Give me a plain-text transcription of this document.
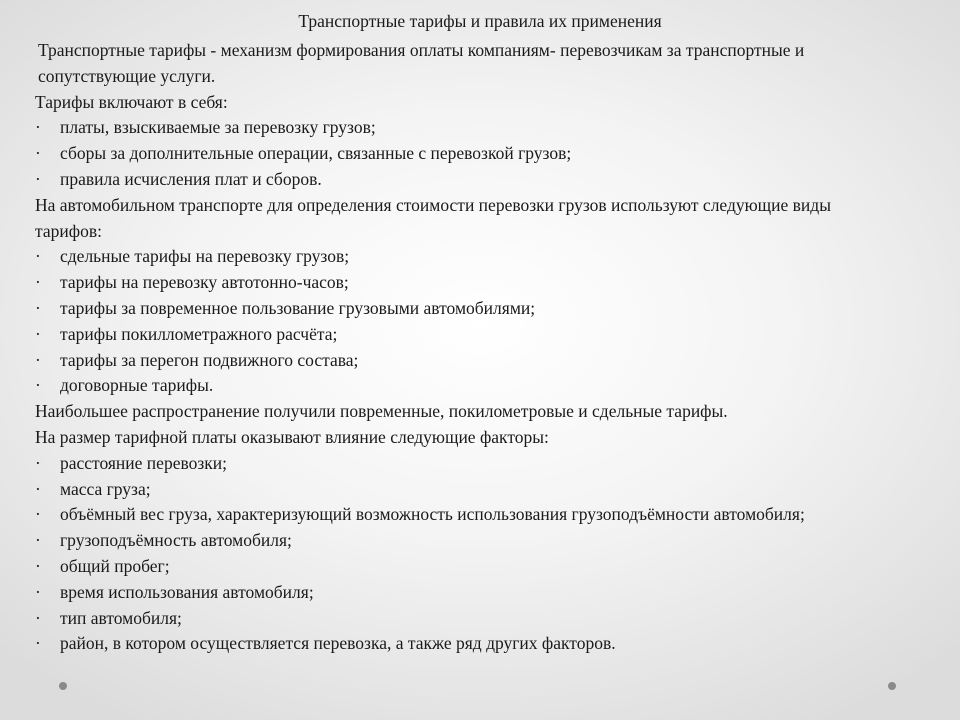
Транспортные тарифы и правила их применения
Транспортные тарифы - механизм формирования оплаты компаниям- перевозчикам за транспортные и сопутствующие услуги.
Тарифы включают в себя:
· платы, взыскиваемые за перевозку грузов;
· сборы за дополнительные операции, связанные с перевозкой грузов;
· правила исчисления плат и сборов.
На автомобильном транспорте для определения стоимости перевозки грузов используют следующие виды тарифов:
· сдельные тарифы на перевозку грузов;
· тарифы на перевозку автотонно-часов;
· тарифы за повременное пользование грузовыми автомобилями;
· тарифы покиллометражного расчёта;
· тарифы за перегон подвижного состава;
· договорные тарифы.
Наибольшее распространение получили повременные, покилометровые и сдельные тарифы.
На размер тарифной платы оказывают влияние следующие факторы:
· расстояние перевозки;
· масса груза;
· объёмный вес груза, характеризующий возможность использования грузоподъёмности автомобиля;
· грузоподъёмность автомобиля;
· общий пробег;
· время использования автомобиля;
· тип автомобиля;
· район, в котором осуществляется перевозка, а также ряд других факторов.
